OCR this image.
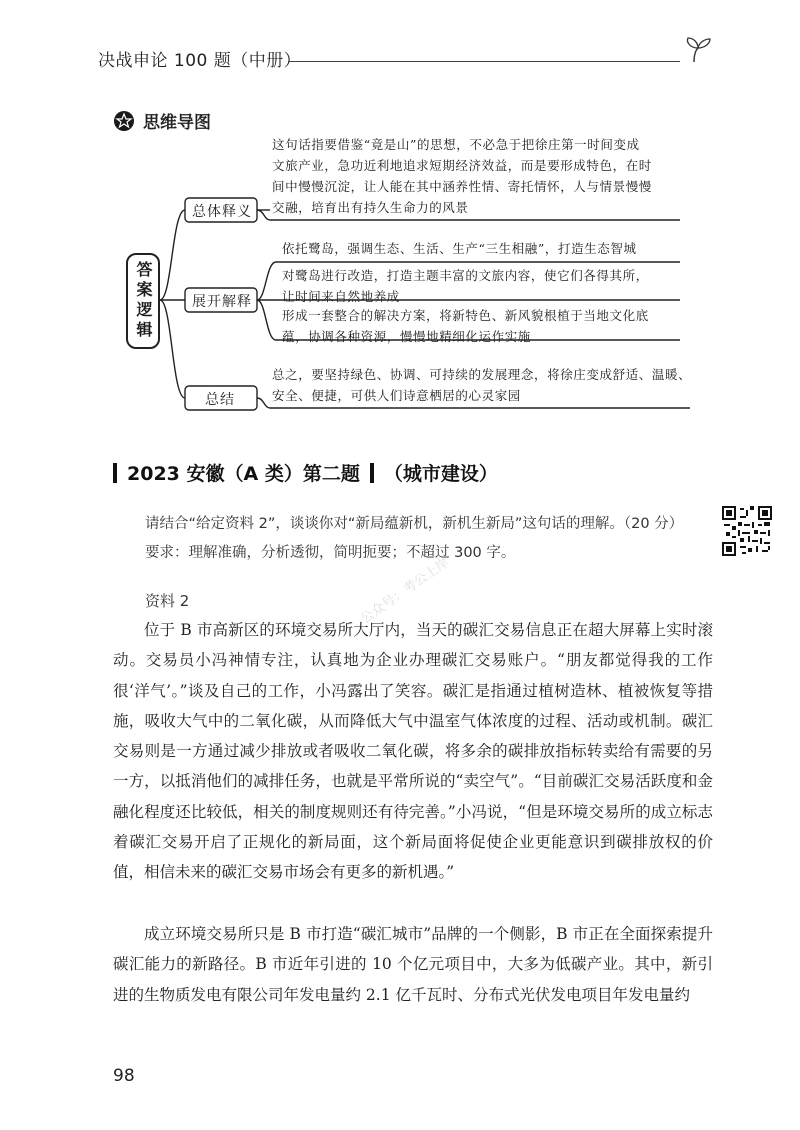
决战申论 100 题（中册）
思维导图
答案逻辑
总体释义
展开解释
总结
这句话指要借鉴“竟是山”的思想，不必急于把徐庄第一时间变成
文旅产业，急功近利地追求短期经济效益，而是要形成特色，在时
间中慢慢沉淀，让人能在其中涵养性情、寄托情怀，人与情景慢慢
交融，培育出有持久生命力的风景
依托鹭岛，强调生态、生活、生产“三生相融”，打造生态智城
对鹭岛进行改造，打造主题丰富的文旅内容，使它们各得其所，
让时间来自然地养成
形成一套整合的解决方案，将新特色、新风貌根植于当地文化底
蕴，协调各种资源，慢慢地精细化运作实施
总之，要坚持绿色、协调、可持续的发展理念，将徐庄变成舒适、温暖、
安全、便捷，可供人们诗意栖居的心灵家园
2023 安徽（A 类）第二题 （城市建设）
请结合“给定资料 2”，谈谈你对“新局蕴新机，新机生新局”这句话的理解。（20 分）
要求：理解准确，分析透彻，简明扼要；不超过 300 字。
资料 2	公众号：考公上岸
位于 B 市高新区的环境交易所大厅内，当天的碳汇交易信息正在超大屏幕上实时滚动。交易员小冯神情专注，认真地为企业办理碳汇交易账户。“朋友都觉得我的工作很‘洋气’。”谈及自己的工作，小冯露出了笑容。碳汇是指通过植树造林、植被恢复等措施，吸收大气中的二氧化碳，从而降低大气中温室气体浓度的过程、活动或机制。碳汇交易则是一方通过减少排放或者吸收二氧化碳，将多余的碳排放指标转卖给有需要的另一方，以抵消他们的减排任务，也就是平常所说的“卖空气”。“目前碳汇交易活跃度和金融化程度还比较低，相关的制度规则还有待完善。”小冯说，“但是环境交易所的成立标志着碳汇交易开启了正规化的新局面，这个新局面将促使企业更能意识到碳排放权的价值，相信未来的碳汇交易市场会有更多的新机遇。”
成立环境交易所只是 B 市打造“碳汇城市”品牌的一个侧影，B 市正在全面探索提升碳汇能力的新路径。B 市近年引进的 10 个亿元项目中，大多为低碳产业。其中，新引进的生物质发电有限公司年发电量约 2.1 亿千瓦时、分布式光伏发电项目年发电量约
98
